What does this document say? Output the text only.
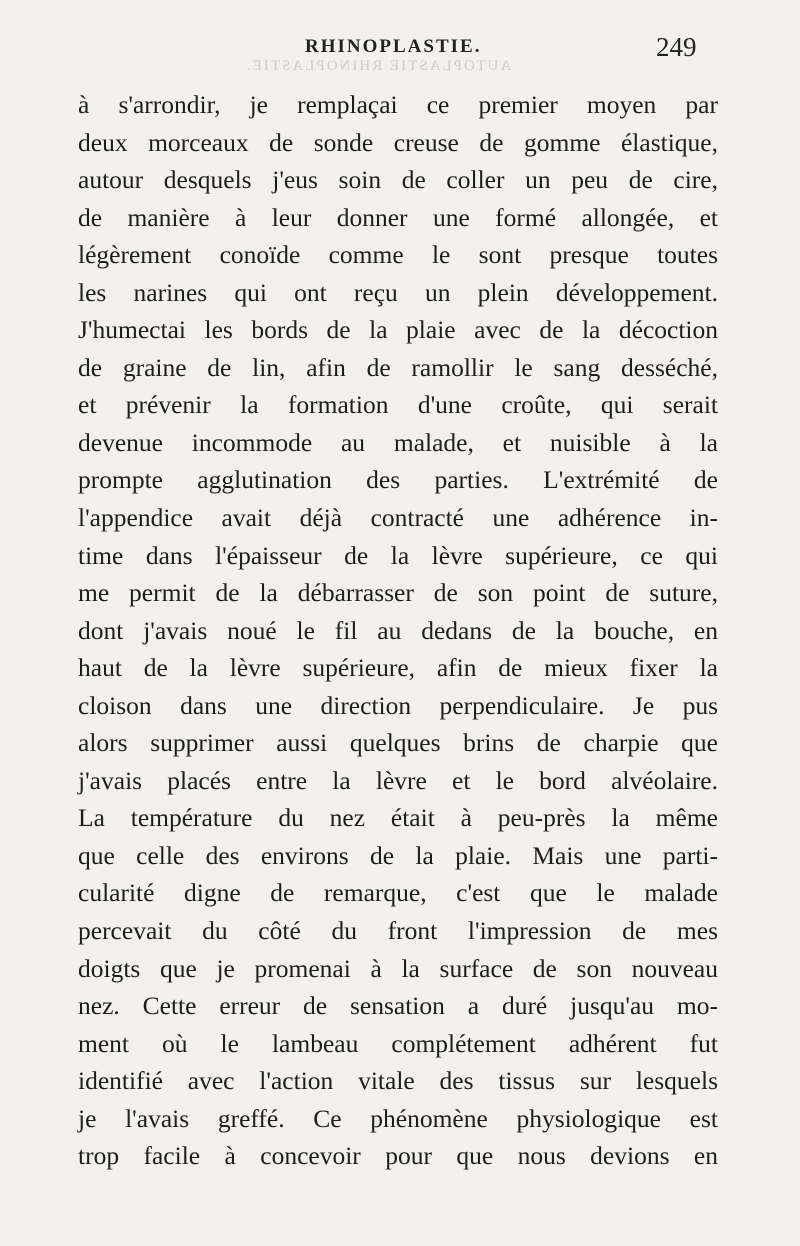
AUTOPLASTIE RHINOPLASTIE.
RHINOPLASTIE.	249
à s'arrondir, je remplaçai ce premier moyen par
deux morceaux de sonde creuse de gomme élastique,
autour desquels j'eus soin de coller un peu de cire,
de manière à leur donner une formé allongée, et
légèrement conoïde comme le sont presque toutes
les narines qui ont reçu un plein développement.
J'humectai les bords de la plaie avec de la décoction
de graine de lin, afin de ramollir le sang desséché,
et prévenir la formation d'une croûte, qui serait
devenue incommode au malade, et nuisible à la
prompte agglutination des parties. L'extrémité de
l'appendice avait déjà contracté une adhérence in-
time dans l'épaisseur de la lèvre supérieure, ce qui
me permit de la débarrasser de son point de suture,
dont j'avais noué le fil au dedans de la bouche, en
haut de la lèvre supérieure, afin de mieux fixer la
cloison dans une direction perpendiculaire. Je pus
alors supprimer aussi quelques brins de charpie que
j'avais placés entre la lèvre et le bord alvéolaire.
La température du nez était à peu-près la même
que celle des environs de la plaie. Mais une parti-
cularité digne de remarque, c'est que le malade
percevait du côté du front l'impression de mes
doigts que je promenai à la surface de son nouveau
nez. Cette erreur de sensation a duré jusqu'au mo-
ment où le lambeau complétement adhérent fut
identifié avec l'action vitale des tissus sur lesquels
je l'avais greffé. Ce phénomène physiologique est
trop facile à concevoir pour que nous devions en
